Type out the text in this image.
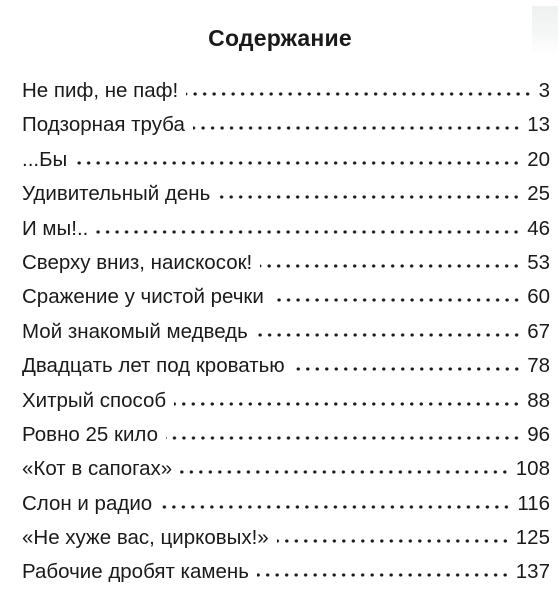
Содержание
Не пиф, не паф!	3
Подзорная труба	13
...Бы	20
Удивительный день	25
И мы!..	46
Сверху вниз, наискосок!	53
Сражение у чистой речки	60
Мой знакомый медведь	67
Двадцать лет под кроватью	78
Хитрый способ	88
Ровно 25 кило	96
«Кот в сапогах»	108
Слон и радио	116
«Не хуже вас, цирковых!»	125
Рабочие дробят камень	137
